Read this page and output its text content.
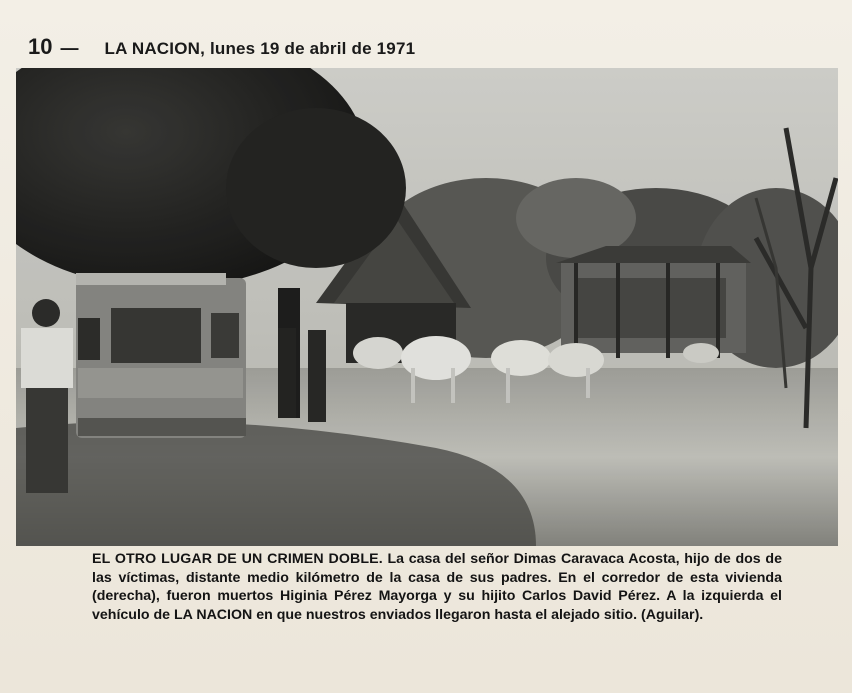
10 — LA NACION, lunes 19 de abril de 1971
EL OTRO LUGAR DE UN CRIMEN DOBLE. La casa del señor Dimas Caravaca Acosta, hijo de dos de las víctimas, distante medio kilómetro de la casa de sus padres. En el corredor de esta vivienda (derecha), fueron muertos Higinia Pérez Mayorga y su hijito Carlos David Pérez. A la izquierda el vehículo de LA NACION en que nuestros enviados llegaron hasta el alejado sitio. (Aguilar).
